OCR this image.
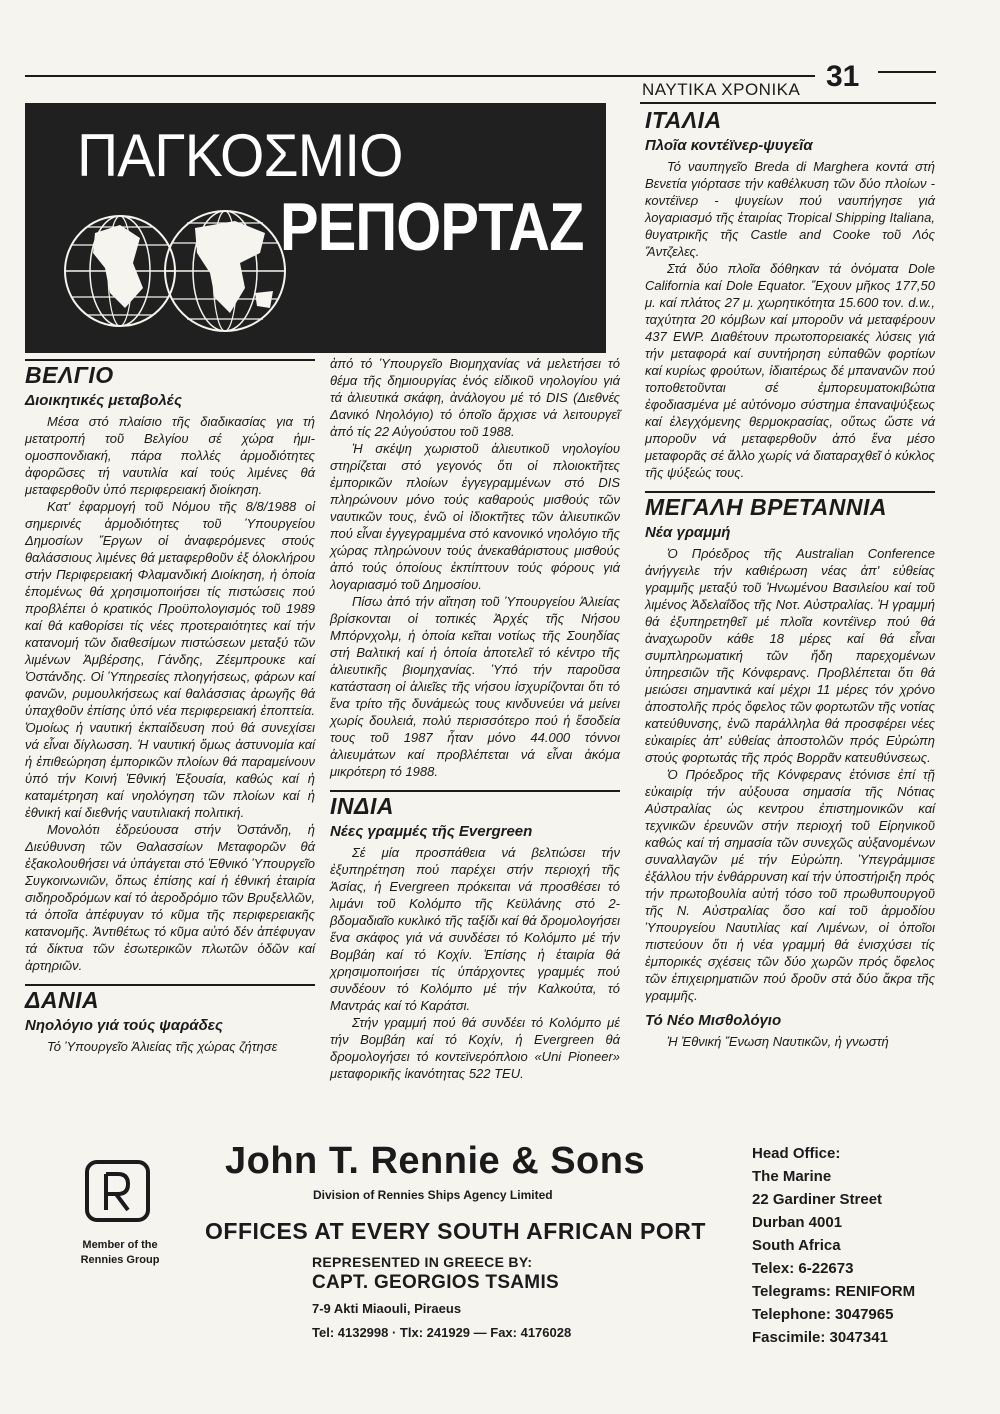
ΝΑΥΤΙΚΑ ΧΡΟΝΙΚΑ 31
ΠΑΓΚΟΣΜΙΟ
ΡΕΠΟΡΤΑΖ
ΒΕΛΓΙΟ
Διοικητικές μεταβολές

Μέσα στό πλαίσιο τῆς διαδικασίας για τή μετατροπή τοῦ Βελγίου σέ χώρα ἡμι-ομοσπονδιακή, πάρα πολλές ἁρμοδιότητες ἀφορῶσες τή ναυτιλία καί τούς λιμένες θά μεταφερθοῦν ὑπό περιφερειακή διοίκηση.

Κατ' ἐφαρμογή τοῦ Νόμου τῆς 8/8/1988 οἱ σημερινές ἁρμοδιότητες τοῦ Ὑπουργείου Δημοσίων Ἔργων οἱ ἀναφερόμενες στούς θαλάσσιους λιμένες θά μεταφερθοῦν ἐξ ὁλοκλήρου στήν Περιφερειακή Φλαμανδική Διοίκηση, ἡ ὁποία ἑπομένως θά χρησιμοποιήσει τίς πιστώσεις πού προβλέπει ὁ κρατικός Προϋπολογισμός τοῦ 1989 καί θά καθορίσει τίς νέες προτεραιότητες καί τήν κατανομή τῶν διαθεσίμων πιστώσεων μεταξύ τῶν λιμένων Ἀμβέρσης, Γάνδης, Ζέεμπρουκε καί Ὀστάνδης. Οἱ Ὑπηρεσίες πλοηγήσεως, φάρων καί φανῶν, ρυμουλκήσεως καί θαλάσσιας ἀρωγῆς θά ὑπαχθοῦν ἐπίσης ὑπό νέα περιφερειακή ἐποπτεία. Ὁμοίως ἡ ναυτική ἐκπαίδευση πού θά συνεχίσει νά εἶναι δίγλωσση. Ἡ ναυτική ὅμως ἀστυνομία καί ἡ ἐπιθεώρηση ἐμπορικῶν πλοίων θά παραμείνουν ὑπό τήν Κοινή Ἐθνική Ἐξουσία, καθώς καί ἡ καταμέτρηση καί νηολόγηση τῶν πλοίων καί ἡ ἐθνική καί διεθνής ναυτιλιακή πολιτική.

Μονολότι ἑδρεύουσα στήν Ὀστάνδη, ἡ Διεύθυνση τῶν Θαλασσίων Μεταφορῶν θά ἐξακολουθήσει νά ὑπάγεται στό Ἐθνικό Ὑπουργεῖο Συγκοινωνιῶν, ὅπως ἐπίσης καί ἡ ἐθνική ἑταιρία σιδηροδρόμων καί τό ἀεροδρόμιο τῶν Βρυξελλῶν, τά ὁποῖα ἀπέφυγαν τό κῦμα τῆς περιφερειακῆς κατανομῆς. Ἀντιθέτως τό κῦμα αὐτό δέν ἀπέφυγαν τά δίκτυα τῶν ἐσωτερικῶν πλωτῶν ὁδῶν καί ἀρτηριῶν.

ΔΑΝΙΑ
Νηολόγιο γιά τούς ψαράδες

Τό Ὑπουργεῖο Ἁλιείας τῆς χώρας ζήτησε

ἀπό τό Ὑπουργεῖο Βιομηχανίας νά μελετήσει τό θέμα τῆς δημιουργίας ἑνός εἰδικοῦ νηολογίου γιά τά ἁλιευτικά σκάφη, ἀνάλογου μέ τό DIS (Διεθνές Δανικό Νηολόγιο) τό ὁποῖο ἄρχισε νά λειτουργεῖ ἀπό τίς 22 Αὐγούστου τοῦ 1988.

Ἡ σκέψη χωριστοῦ ἁλιευτικοῦ νηολογίου στηρίζεται στό γεγονός ὅτι οἱ πλοιοκτῆτες ἐμπορικῶν πλοίων ἐγγεγραμμένων στό DIS πληρώνουν μόνο τούς καθαρούς μισθούς τῶν ναυτικῶν τους, ἐνῶ οἱ ἰδιοκτῆτες τῶν ἁλιευτικῶν πού εἶναι ἐγγεγραμμένα στό κανονικό νηολόγιο τῆς χώρας πληρώνουν τούς ἀνεκαθάριστους μισθούς ἀπό τούς ὁποίους ἐκπίπτουν τούς φόρους γιά λογαριασμό τοῦ Δημοσίου.

Πίσω ἀπό τήν αἴτηση τοῦ Ὑπουργείου Ἁλιείας βρίσκονται οἱ τοπικές Ἀρχές τῆς Νήσου Μπόρνχολμ, ἡ ὁποία κεῖται νοτίως τῆς Σουηδίας στή Βαλτική καί ἡ ὁποία ἀποτελεῖ τό κέντρο τῆς ἁλιευτικῆς βιομηχανίας. Ὑπό τήν παροῦσα κατάσταση οἱ ἁλιεῖες τῆς νήσου ἰσχυρίζονται ὅτι τό ἕνα τρίτο τῆς δυνάμεώς τους κινδυνεύει νά μείνει χωρίς δουλειά, πολύ περισσότερο πού ἡ ἔσοδεία τους τοῦ 1987 ἦταν μόνο 44.000 τόννοι ἁλιευμάτων καί προβλέπεται νά εἶναι ἀκόμα μικρότερη τό 1988.

ΙΝΔΙΑ
Νέες γραμμές τῆς Evergreen

Σέ μία προσπάθεια νά βελτιώσει τήν ἐξυπηρέτηση πού παρέχει στήν περιοχή τῆς Ἀσίας, ἡ Evergreen πρόκειται νά προσθέσει τό λιμάνι τοῦ Κολόμπο τῆς Κεϋλάνης στό 2-βδομαδιαῖο κυκλικό τῆς ταξίδι καί θά δρομολογήσει ἕνα σκάφος γιά νά συνδέσει τό Κολόμπο μέ τήν Βομβάη καί τό Κοχίν. Ἐπίσης ἡ ἑταιρία θά χρησιμοποιήσει τίς ὑπάρχοντες γραμμές πού συνδέουν τό Κολόμπο μέ τήν Καλκούτα, τό Μαντράς καί τό Καράτσι.

Στήν γραμμή πού θά συνδέει τό Κολόμπο μέ τήν Βομβάη καί τό Κοχίν, ἡ Evergreen θά δρομολογήσει τό κοντεϊνερόπλοιο «Uni Pioneer» μεταφορικῆς ἱκανότητας 522 TEU.

ΙΤΑΛΙΑ
Πλοῖα κοντέϊνερ-ψυγεῖα

Τό ναυπηγεῖο Breda di Marghera κοντά στή Βενετία γιόρτασε τήν καθέλκυση τῶν δύο πλοίων - κοντέϊνερ - ψυγείων πού ναυπήγησε γιά λογαριασμό τῆς ἑταιρίας Tropical Shipping Italiana, θυγατρικῆς τῆς Castle and Cooke τοῦ Λός Ἄντζελες.

Στά δύο πλοῖα δόθηκαν τά ὀνόματα Dole California καί Dole Equator. Ἔχουν μῆκος 177,50 μ. καί πλάτος 27 μ. χωρητικότητα 15.600 τον. d.w., ταχύτητα 20 κόμβων καί μποροῦν νά μεταφέρουν 437 EWP. Διαθέτουν πρωτοπορειακές λύσεις γιά τήν μεταφορά καί συντήρηση εὐπαθῶν φορτίων καί κυρίως φρούτων, ἰδιαιτέρως δέ μπανανῶν πού τοποθετοῦνται σέ ἐμπορευματοκιβώτια ἐφοδιασμένα μέ αὐτόνομο σύστημα ἐπαναψύξεως καί ἐλεγχόμενης θερμοκρασίας, οὕτως ὥστε νά μποροῦν νά μεταφερθοῦν ἀπό ἕνα μέσο μεταφορᾶς σέ ἄλλο χωρίς νά διαταραχθεῖ ὁ κύκλος τῆς ψύξεώς τους.

ΜΕΓΑΛΗ ΒΡΕΤΑΝΝΙΑ
Νέα γραμμή

Ὁ Πρόεδρος τῆς Australian Conference ἀνήγγειλε τήν καθιέρωση νέας ἀπ' εὐθείας γραμμῆς μεταξύ τοῦ Ἡνωμένου Βασιλείου καί τοῦ λιμένος Ἀδελαΐδος τῆς Νοτ. Αὐστραλίας. Ἡ γραμμή θά ἐξυπηρετηθεῖ μέ πλοῖα κοντέϊνερ πού θά ἀναχωροῦν κάθε 18 μέρες καί θά εἶναι συμπληρωματική τῶν ἤδη παρεχομένων ὑπηρεσιῶν τῆς Κόνφερανς. Προβλέπεται ὅτι θά μειώσει σημαντικά καί μέχρι 11 μέρες τόν χρόνο ἀποστολῆς πρός ὄφελος τῶν φορτωτῶν τῆς νοτίας κατεύθυνσης, ἐνῶ παράλληλα θά προσφέρει νέες εὐκαιρίες ἀπ' εὐθείας ἀποστολῶν πρός Εὐρώπη στούς φορτωτάς τῆς πρός Βορρᾶν κατευθύνσεως.

Ὁ Πρόεδρος τῆς Κόνφερανς ἐτόνισε ἐπί τῇ εὐκαιρίᾳ τήν αὐξουσα σημασία τῆς Νότιας Αὐστραλίας ὡς κεντρου ἐπιστημονικῶν καί τεχνικῶν ἐρευνῶν στήν περιοχή τοῦ Εἰρηνικοῦ καθώς καί τή σημασία τῶν συνεχῶς αὐξανομένων συναλλαγῶν μέ τήν Εὐρώπη. Ὑπεγράμμισε ἐξάλλου τήν ἐνθάρρυνση καί τήν ὑποστήριξη πρός τήν πρωτοβουλία αὐτή τόσο τοῦ πρωθυπουργοῦ τῆς Ν. Αὐστραλίας ὅσο καί τοῦ ἁρμοδίου Ὑπουργείου Ναυτιλίας καί Λιμένων, οἱ ὁποῖοι πιστεύουν ὅτι ἡ νέα γραμμή θά ἐνισχύσει τίς ἐμπορικές σχέσεις τῶν δύο χωρῶν πρός ὄφελος τῶν ἐπιχειρηματιῶν πού δροῦν στά δύο ἄκρα τῆς γραμμῆς.

Τό Νέο Μισθολόγιο

Ἡ Ἐθνική Ἔνωση Ναυτικῶν, ἡ γνωστή

Member of the
Rennies Group
John T. Rennie & Sons
Division of Rennies Ships Agency Limited
OFFICES AT EVERY SOUTH AFRICAN PORT
REPRESENTED IN GREECE BY:
CAPT. GEORGIOS TSAMIS
7-9 Akti Miaouli, Piraeus
Tel: 4132998 · Tlx: 241929 — Fax: 4176028
Head Office:
The Marine
22 Gardiner Street
Durban 4001
South Africa
Telex: 6-22673
Telegrams: RENIFORM
Telephone: 3047965
Fascimile: 3047341
